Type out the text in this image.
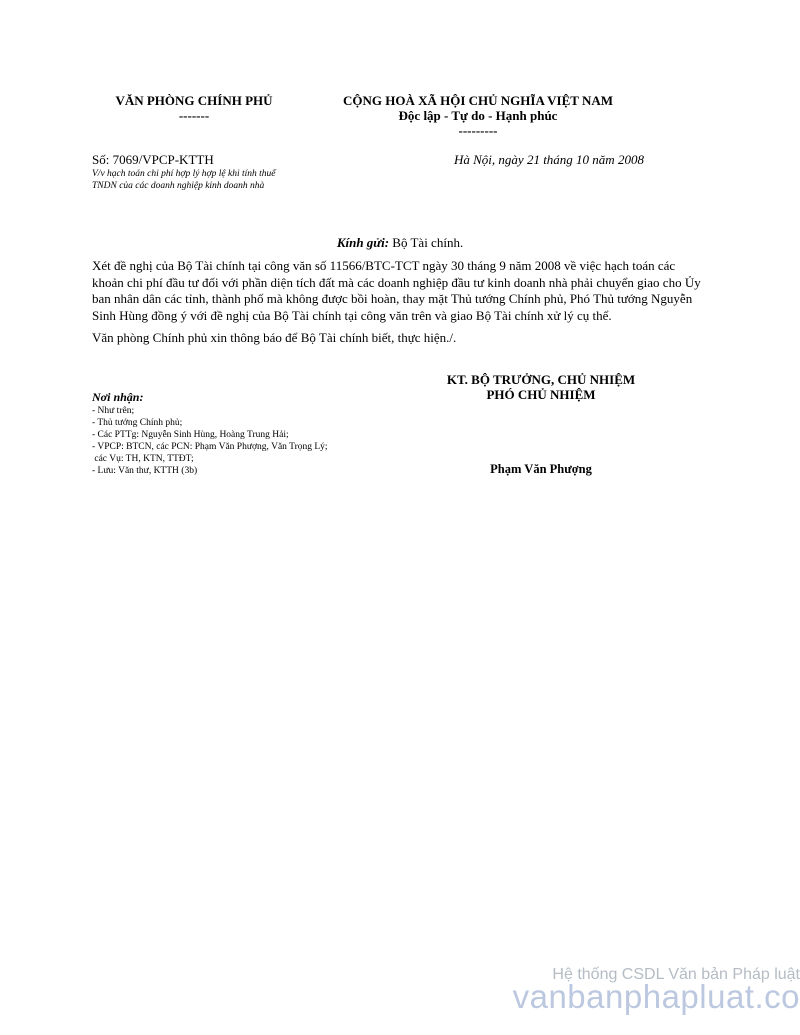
VĂN PHÒNG CHÍNH PHỦ
-------
CỘNG HOÀ XÃ HỘI CHỦ NGHĨA VIỆT NAM
Độc lập - Tự do - Hạnh phúc
---------
Số: 7069/VPCP-KTTH
V/v hạch toán chi phí hợp lý hợp lệ khi tính thuế TNDN của các doanh nghiệp kinh doanh nhà
Hà Nội, ngày 21 tháng 10 năm 2008
Kính gửi: Bộ Tài chính.

Xét đề nghị của Bộ Tài chính tại công văn số 11566/BTC-TCT ngày 30 tháng 9 năm 2008 về việc hạch toán các khoản chi phí đầu tư đối với phần diện tích đất mà các doanh nghiệp đầu tư kinh doanh nhà phải chuyển giao cho Ủy ban nhân dân các tỉnh, thành phố mà không được bồi hoàn, thay mặt Thủ tướng Chính phủ, Phó Thủ tướng Nguyễn Sinh Hùng đồng ý với đề nghị của Bộ Tài chính tại công văn trên và giao Bộ Tài chính xử lý cụ thể.

Văn phòng Chính phủ xin thông báo để Bộ Tài chính biết, thực hiện./.

Nơi nhận:
- Như trên;
- Thủ tướng Chính phủ;
- Các PTTg: Nguyễn Sinh Hùng, Hoàng Trung Hải;
- VPCP: BTCN, các PCN: Phạm Văn Phượng, Văn Trọng Lý;
các Vụ: TH, KTN, TTĐT;
- Lưu: Văn thư, KTTH (3b)
KT. BỘ TRƯỞNG, CHỦ NHIỆM
PHÓ CHỦ NHIỆM
Phạm Văn Phượng
Hệ thống CSDL Văn bản Pháp luật
vanbanphapluat.co
